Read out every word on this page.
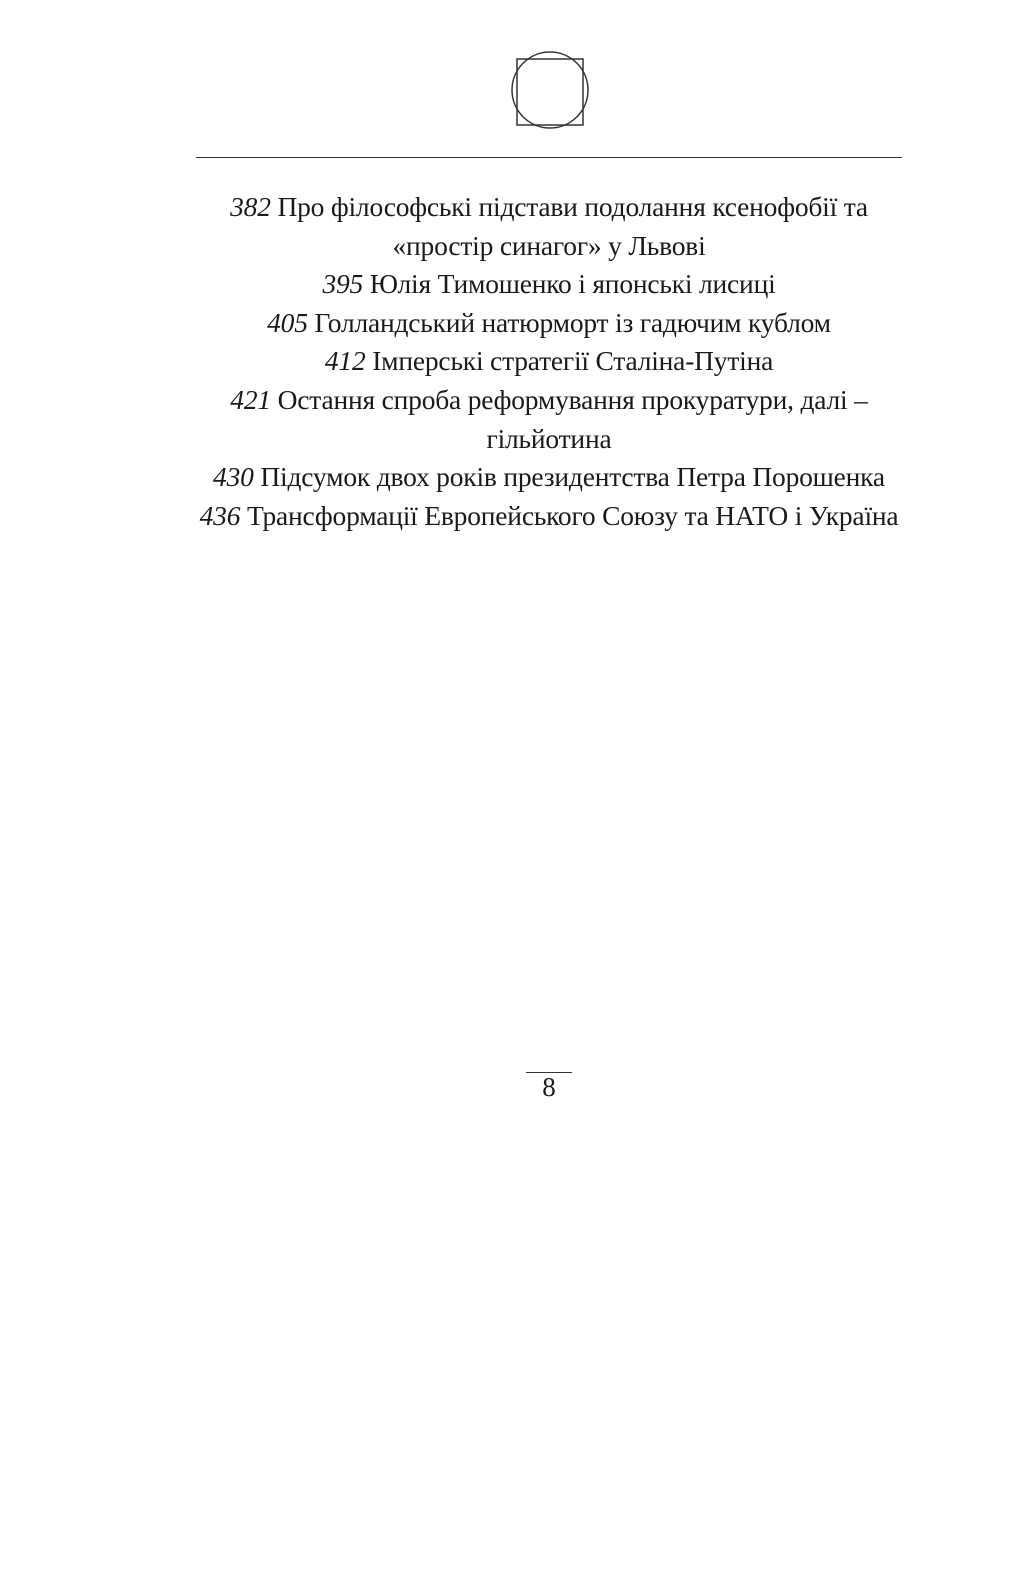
382 Про філософські підстави подолання ксенофобії та «простір синагог» у Львові

395 Юлія Тимошенко і японські лисиці

405 Голландський натюрморт із гадючим кублом

412 Імперські стратегії Сталіна-Путіна

421 Остання спроба реформування прокуратури, далі – гільйотина

430 Підсумок двох років президентства Петра Порошенка

436 Трансформації Европейського Союзу та НАТО і Україна

8
